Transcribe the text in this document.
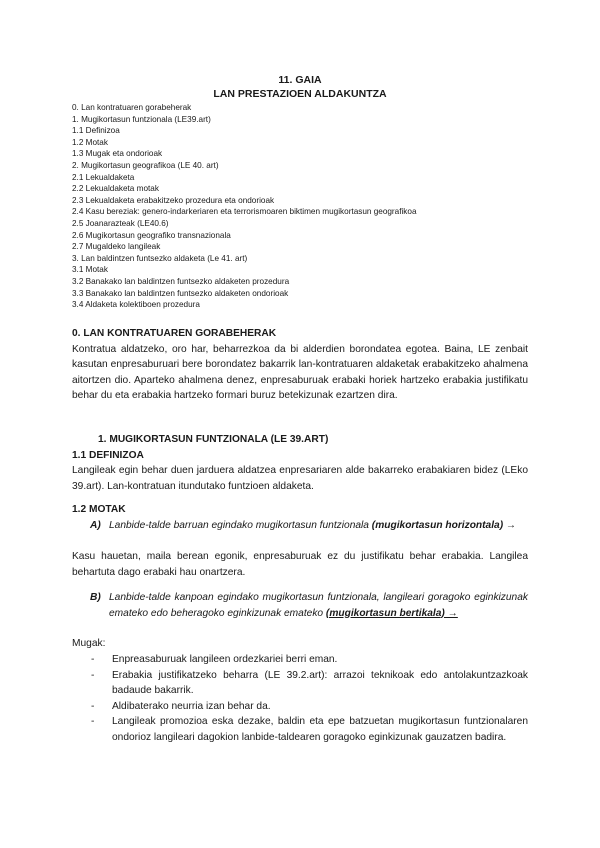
11. GAIA
LAN PRESTAZIOEN ALDAKUNTZA
0. Lan kontratuaren gorabeherak
1. Mugikortasun funtzionala (LE39.art)
1.1 Definizoa
1.2 Motak
1.3 Mugak eta ondorioak
2. Mugikortasun geografikoa (LE 40. art)
2.1 Lekualdaketa
2.2 Lekualdaketa motak
2.3 Lekualdaketa erabakitzeko prozedura eta ondorioak
2.4 Kasu bereziak: genero-indarkeriaren eta terrorismoaren biktimen mugikortasun geografikoa
2.5 Joanarazteak (LE40.6)
2.6 Mugikortasun geografiko transnazionala
2.7 Mugaldeko langileak
3. Lan baldintzen funtsezko aldaketa (Le 41. art)
3.1 Motak
3.2 Banakako lan baldintzen funtsezko aldaketen prozedura
3.3 Banakako lan baldintzen funtsezko aldaketen ondorioak
3.4 Aldaketa kolektiboen prozedura
0. LAN KONTRATUAREN GORABEHERAK
Kontratua aldatzeko, oro har, beharrezkoa da bi alderdien borondatea egotea. Baina, LE zenbait kasutan enpresaburuari bere borondatez bakarrik lan-kontratuaren aldaketak erabakitzeko ahalmena aitortzen dio. Aparteko ahalmena denez, enpresaburuak erabaki horiek hartzeko erabakia justifikatu behar du eta erabakia hartzeko formari buruz betekizunak ezartzen dira.
1. MUGIKORTASUN FUNTZIONALA (LE 39.ART)
1.1 DEFINIZOA
Langileak egin behar duen jarduera aldatzea enpresariaren alde bakarreko erabakiaren bidez (LEko 39.art). Lan-kontratuan itundutako funtzioen aldaketa.
1.2 MOTAK
A) Lanbide-talde barruan egindako mugikortasun funtzionala (mugikortasun horizontala) →
Kasu hauetan, maila berean egonik, enpresaburuak ez du justifikatu behar erabakia. Langilea behartuta dago erabaki hau onartzera.
B) Lanbide-talde kanpoan egindako mugikortasun funtzionala, langileari goragoko eginkizunak emateko edo beheragoko eginkizunak emateko (mugikortasun bertikala) →
Mugak:
- Enpreasaburuak langileen ordezkariei berri eman.
- Erabakia justifikatzeko beharra (LE 39.2.art): arrazoi teknikoak edo antolakuntzazkoak badaude bakarrik.
- Aldibaterako neurria izan behar da.
- Langileak promozioa eska dezake, baldin eta epe batzuetan mugikortasun funtzionalaren ondorioz langileari dagokion lanbide-taldearen goragoko eginkizunak gauzatzen badira.
